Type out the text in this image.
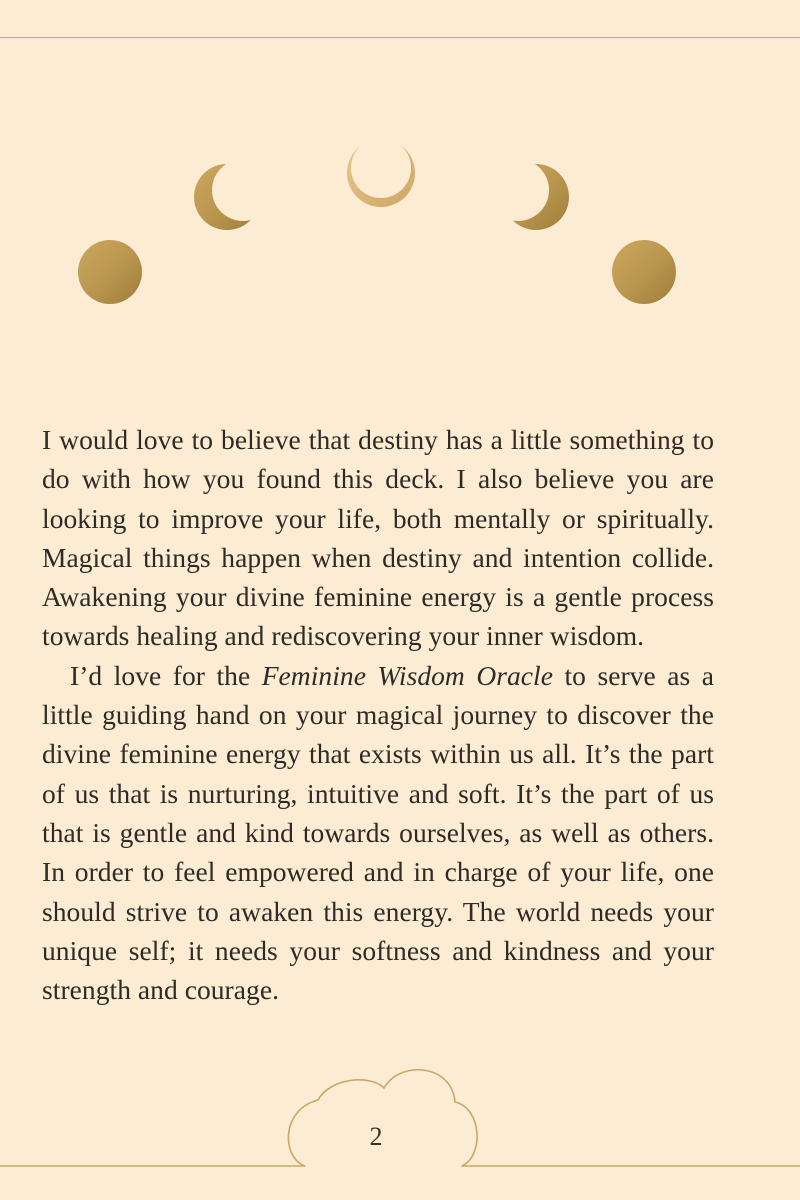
I would love to believe that destiny has a little something to do with how you found this deck. I also believe you are looking to improve your life, both mentally or spiritually. Magical things happen when destiny and intention collide. Awakening your divine feminine energy is a gentle process towards healing and rediscovering your inner wisdom.

I’d love for the Feminine Wisdom Oracle to serve as a little guiding hand on your magical journey to discover the divine feminine energy that exists within us all. It’s the part of us that is nurturing, intuitive and soft. It’s the part of us that is gentle and kind towards ourselves, as well as others. In order to feel empowered and in charge of your life, one should strive to awaken this energy. The world needs your unique self; it needs your softness and kindness and your strength and courage.

2
